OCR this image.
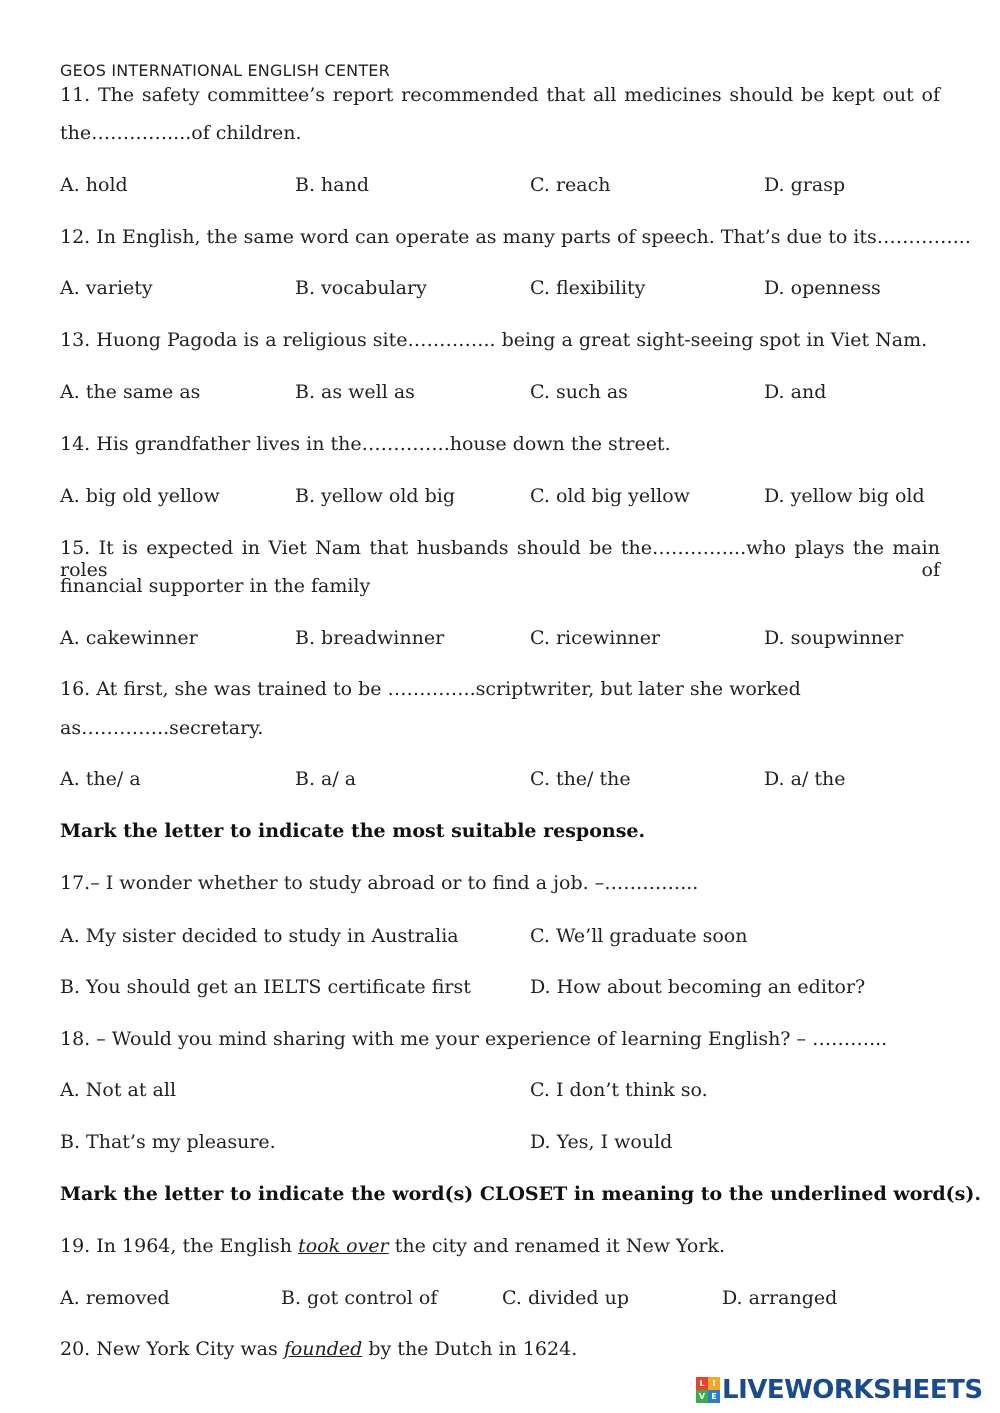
GEOS INTERNATIONAL ENGLISH CENTER
11. The safety committee’s report recommended that all medicines should be kept out of
the…………....of children.
A. hold	B. hand	C. reach	D. grasp
12. In English, the same word can operate as many parts of speech. That’s due to its…………...
A. variety	B. vocabulary	C. flexibility	D. openness
13. Huong Pagoda is a religious site………….. being a great sight-seeing spot in Viet Nam.
A. the same as	B. as well as	C. such as	D. and
14. His grandfather lives in the…………..house down the street.
A. big old yellow	B. yellow old big	C. old big yellow	D. yellow big old
15. It is expected in Viet Nam that husbands should be the…………...who plays the main roles of
financial supporter in the family
A. cakewinner	B. breadwinner	C. ricewinner	D. soupwinner
16. At first, she was trained to be …………..scriptwriter, but later she worked
as…………..secretary.
A. the/ a	B. a/ a	C. the/ the	D. a/ the
Mark the letter to indicate the most suitable response.
17.– I wonder whether to study abroad or to find a job. –…………...
A. My sister decided to study in Australia	C. We’ll graduate soon
B. You should get an IELTS certificate first	D. How about becoming an editor?
18. – Would you mind sharing with me your experience of learning English? – ………...
A. Not at all	C. I don’t think so.
B. That’s my pleasure.	D. Yes, I would
Mark the letter to indicate the word(s) CLOSET in meaning to the underlined word(s).
19. In 1964, the English took over the city and renamed it New York.
A. removed	B. got control of	C. divided up	D. arranged
20. New York City was founded by the Dutch in 1624.
L I
V E LIVEWORKSHEETS
